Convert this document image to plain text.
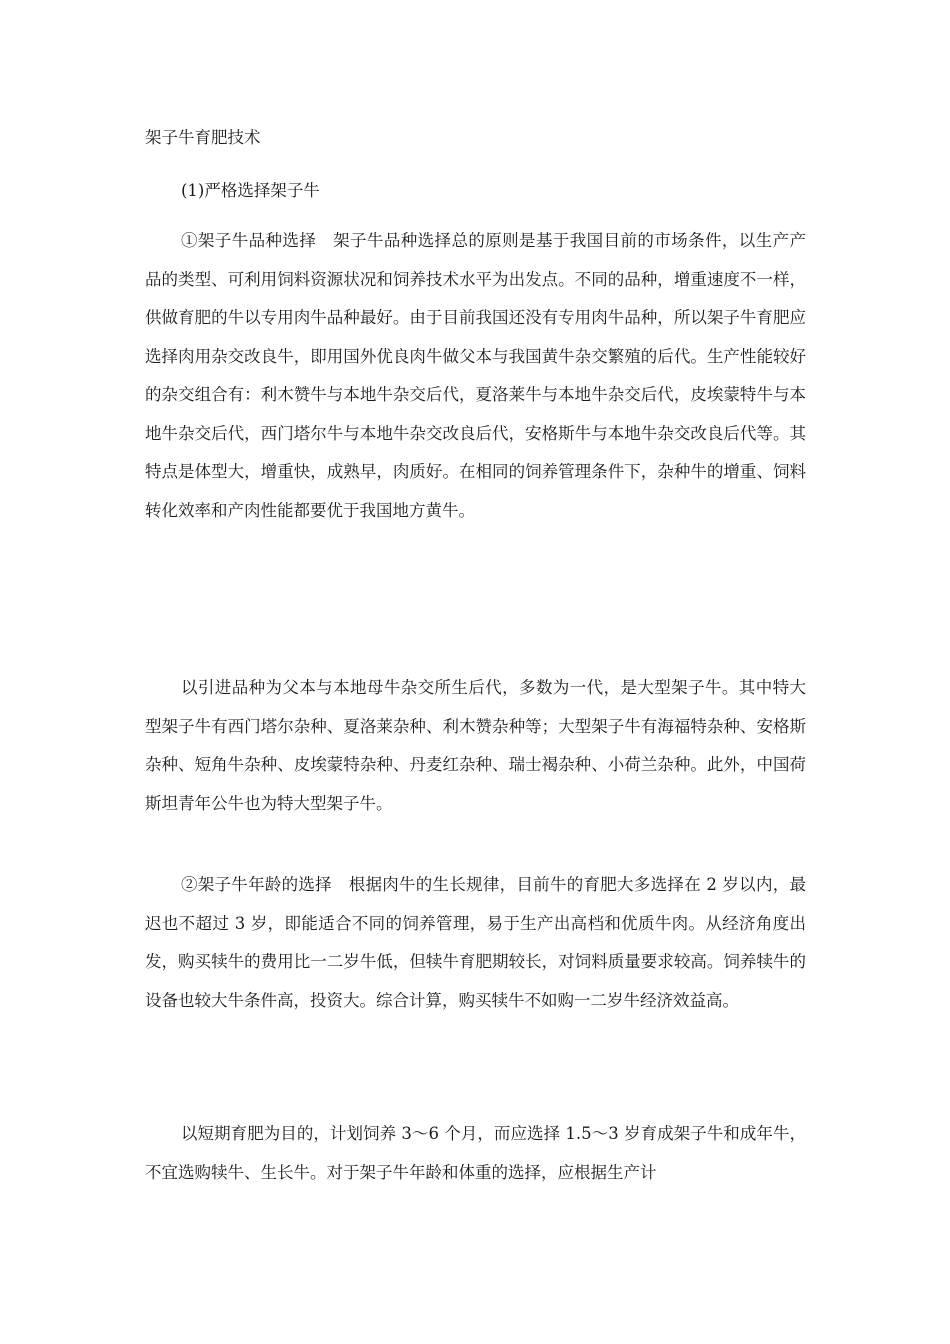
架子牛育肥技术

(1)严格选择架子牛

①架子牛品种选择　架子牛品种选择总的原则是基于我国目前的市场条件，以生产产品的类型、可利用饲料资源状况和饲养技术水平为出发点。不同的品种，增重速度不一样，供做育肥的牛以专用肉牛品种最好。由于目前我国还没有专用肉牛品种，所以架子牛育肥应选择肉用杂交改良牛，即用国外优良肉牛做父本与我国黄牛杂交繁殖的后代。生产性能较好的杂交组合有：利木赞牛与本地牛杂交后代，夏洛莱牛与本地牛杂交后代，皮埃蒙特牛与本地牛杂交后代，西门塔尔牛与本地牛杂交改良后代，安格斯牛与本地牛杂交改良后代等。其特点是体型大，增重快，成熟早，肉质好。在相同的饲养管理条件下，杂种牛的增重、饲料转化效率和产肉性能都要优于我国地方黄牛。

以引进品种为父本与本地母牛杂交所生后代，多数为一代，是大型架子牛。其中特大型架子牛有西门塔尔杂种、夏洛莱杂种、利木赞杂种等；大型架子牛有海福特杂种、安格斯杂种、短角牛杂种、皮埃蒙特杂种、丹麦红杂种、瑞士褐杂种、小荷兰杂种。此外，中国荷斯坦青年公牛也为特大型架子牛。

②架子牛年龄的选择　根据肉牛的生长规律，目前牛的育肥大多选择在 2 岁以内，最迟也不超过 3 岁，即能适合不同的饲养管理，易于生产出高档和优质牛肉。从经济角度出发，购买犊牛的费用比一二岁牛低，但犊牛育肥期较长，对饲料质量要求较高。饲养犊牛的设备也较大牛条件高，投资大。综合计算，购买犊牛不如购一二岁牛经济效益高。

以短期育肥为目的，计划饲养 3～6 个月，而应选择 1.5～3 岁育成架子牛和成年牛，不宜选购犊牛、生长牛。对于架子牛年龄和体重的选择，应根据生产计
